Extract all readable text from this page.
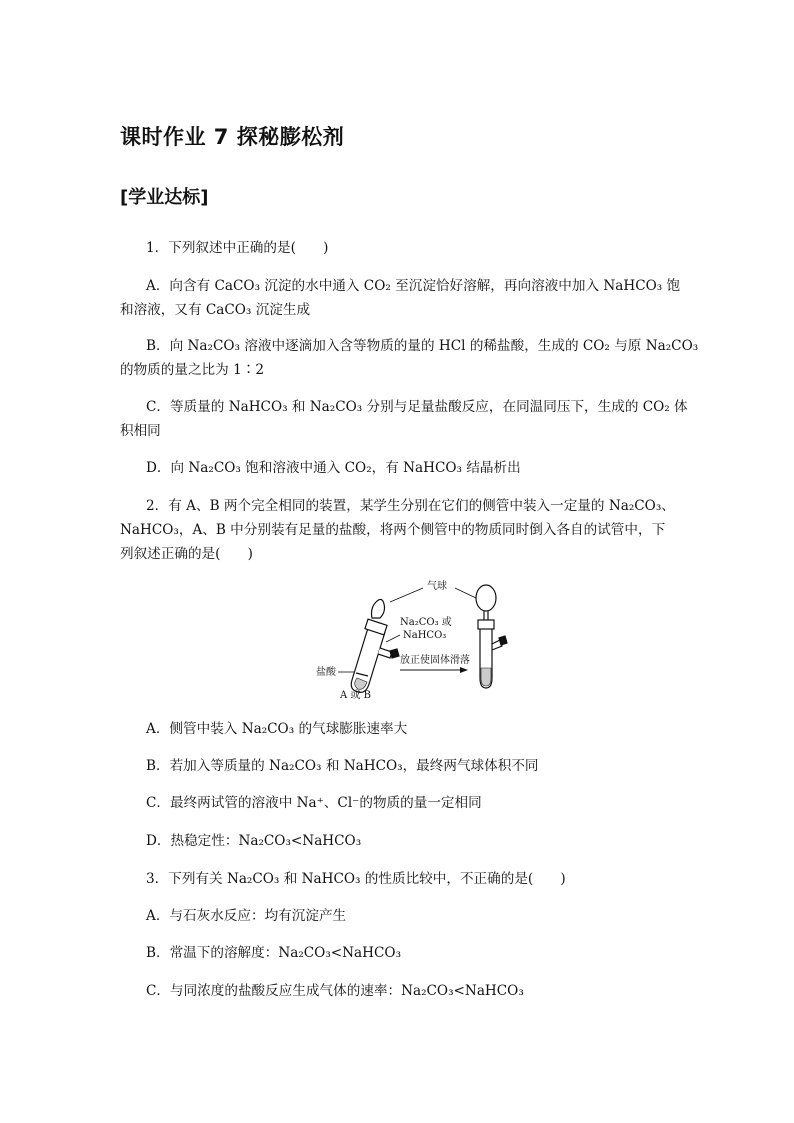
课时作业 7 探秘膨松剂
[学业达标]
1．下列叙述中正确的是(　　)
A．向含有 CaCO₃ 沉淀的水中通入 CO₂ 至沉淀恰好溶解，再向溶液中加入 NaHCO₃ 饱
和溶液，又有 CaCO₃ 沉淀生成
B．向 Na₂CO₃ 溶液中逐滴加入含等物质的量的 HCl 的稀盐酸，生成的 CO₂ 与原 Na₂CO₃
的物质的量之比为 1∶2
C．等质量的 NaHCO₃ 和 Na₂CO₃ 分别与足量盐酸反应，在同温同压下，生成的 CO₂ 体
积相同
D．向 Na₂CO₃ 饱和溶液中通入 CO₂，有 NaHCO₃ 结晶析出
2．有 A、B 两个完全相同的装置，某学生分别在它们的侧管中装入一定量的 Na₂CO₃、
NaHCO₃，A、B 中分别装有足量的盐酸，将两个侧管中的物质同时倒入各自的试管中，下
列叙述正确的是(　　)
Na₂CO₃ 或
NaHCO₃
气球
放正使固体滑落
盐酸
A 或 B
A．侧管中装入 Na₂CO₃ 的气球膨胀速率大
B．若加入等质量的 Na₂CO₃ 和 NaHCO₃，最终两气球体积不同
C．最终两试管的溶液中 Na⁺、Cl⁻的物质的量一定相同
D．热稳定性：Na₂CO₃<NaHCO₃
3．下列有关 Na₂CO₃ 和 NaHCO₃ 的性质比较中，不正确的是(　　)
A．与石灰水反应：均有沉淀产生
B．常温下的溶解度：Na₂CO₃<NaHCO₃
C．与同浓度的盐酸反应生成气体的速率：Na₂CO₃<NaHCO₃
